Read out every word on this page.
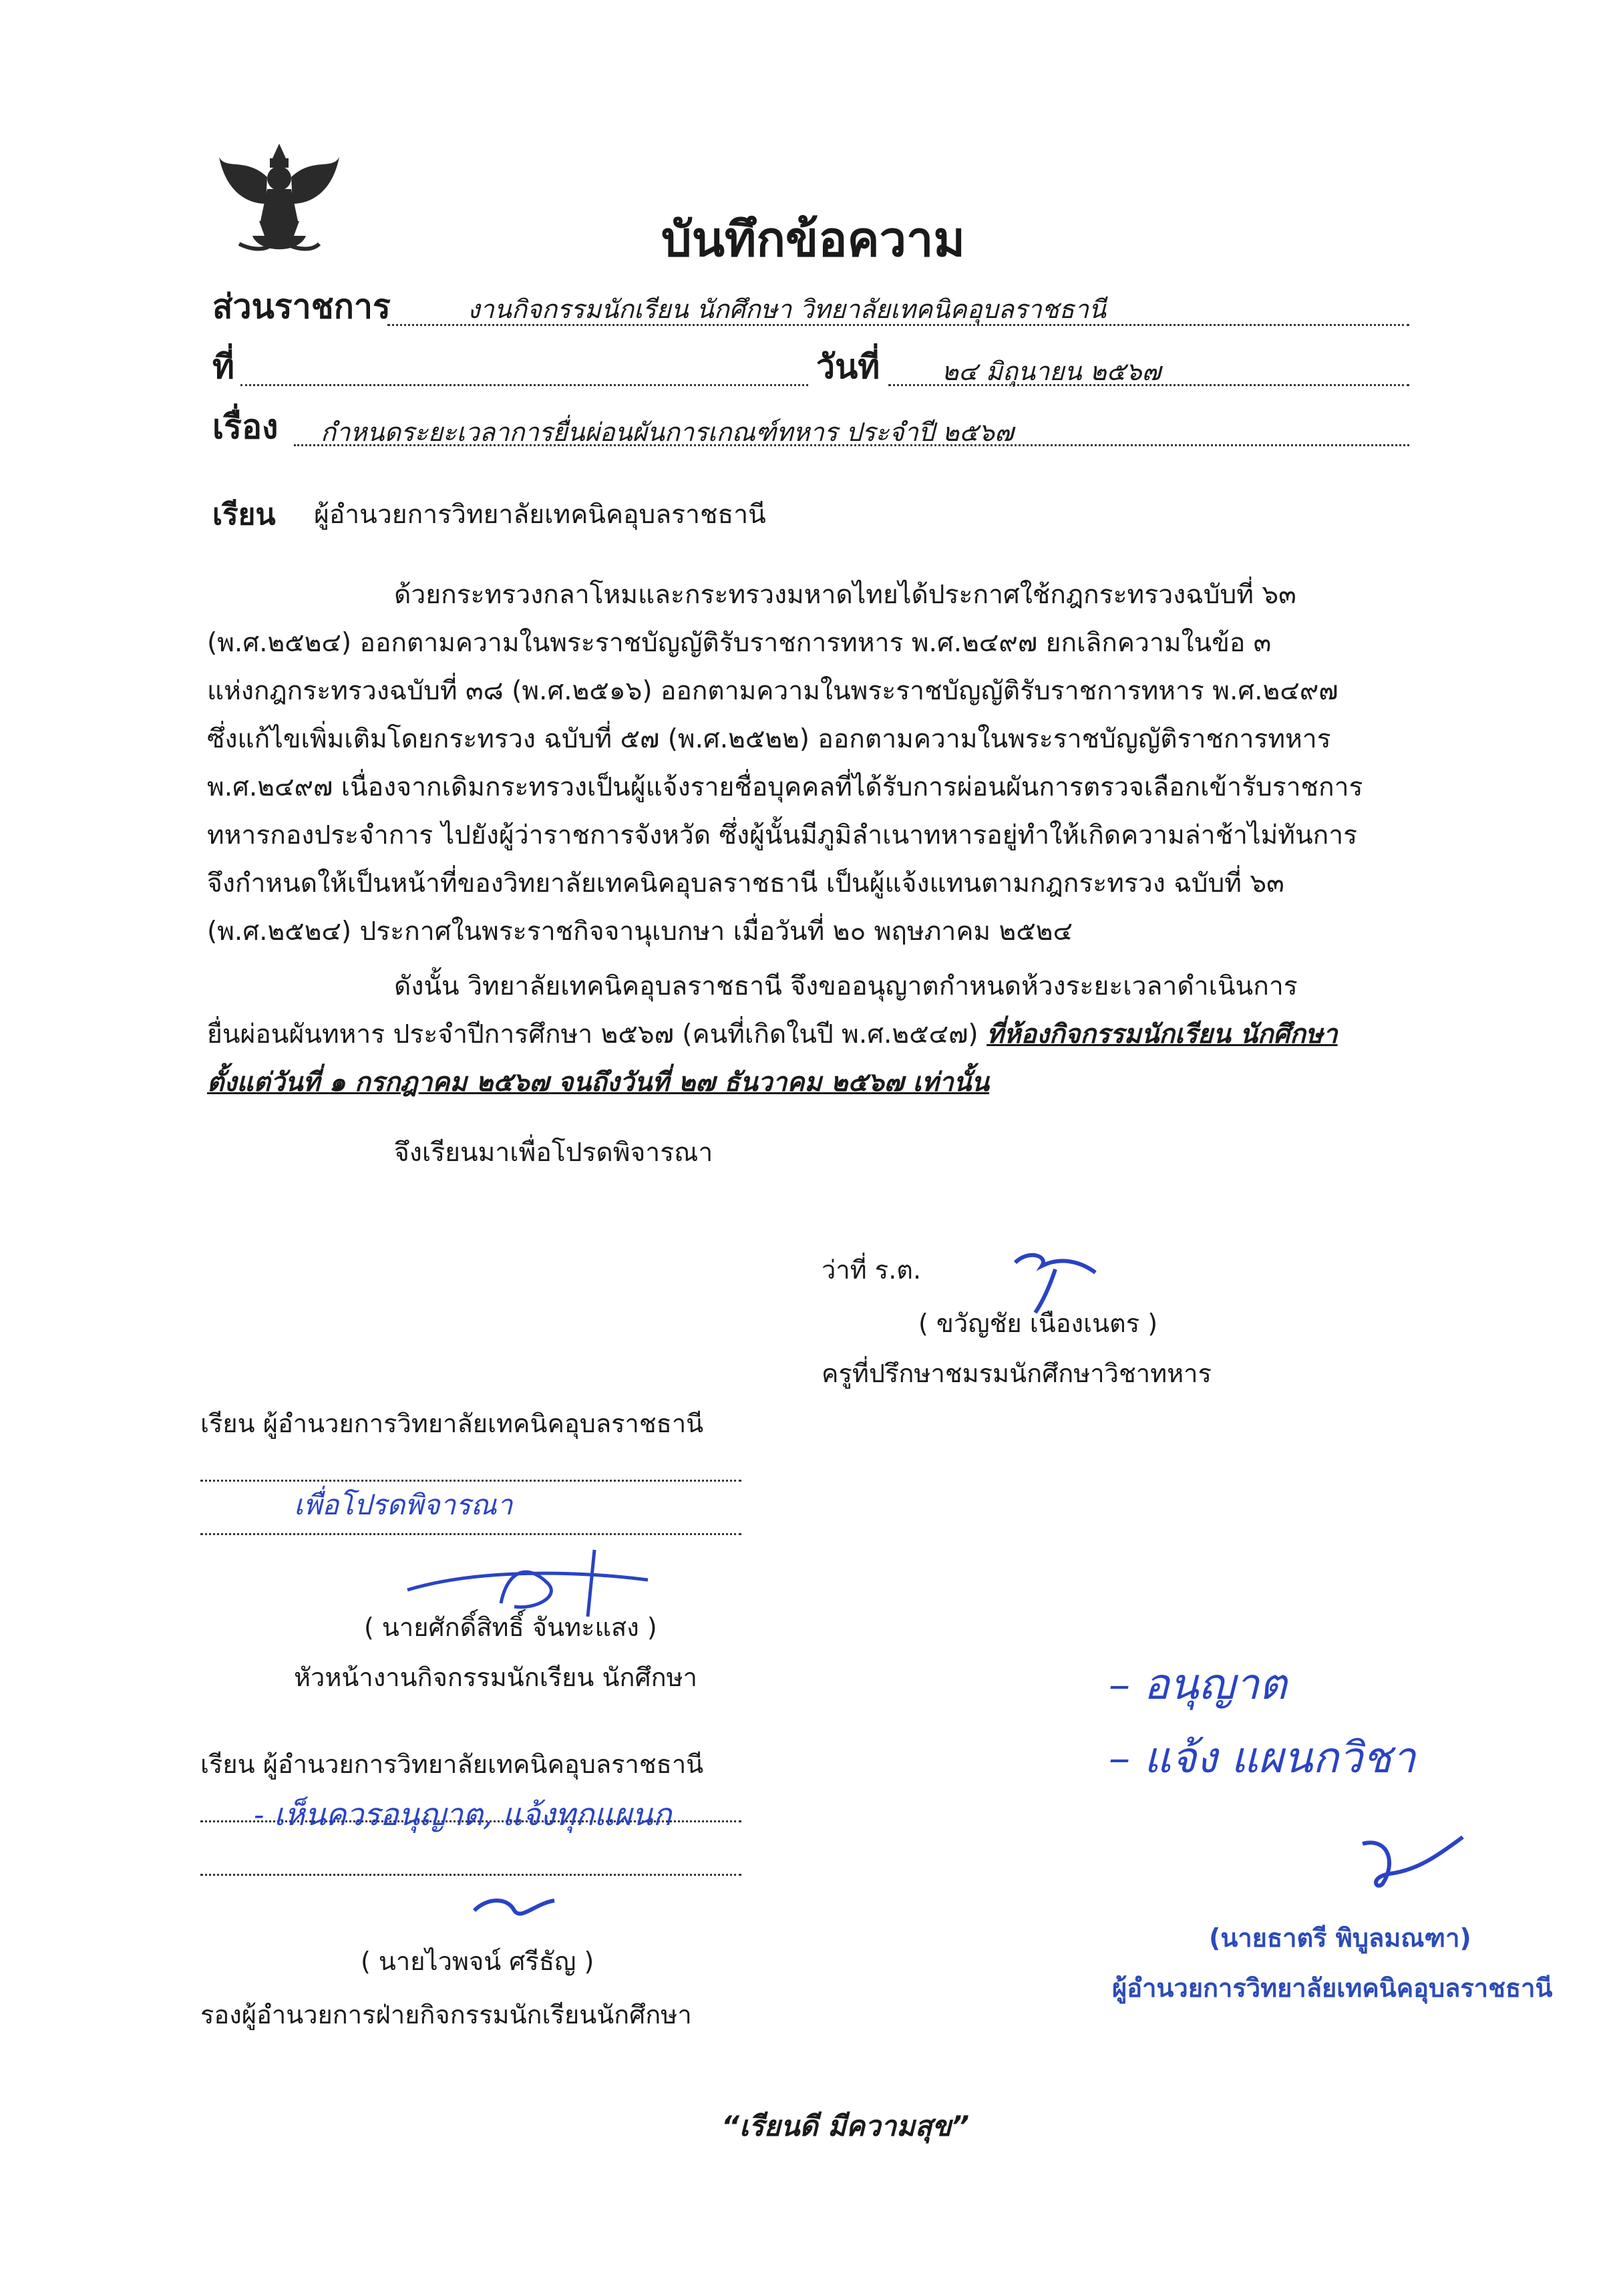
บันทึกข้อความ
ส่วนราชการ	งานกิจกรรมนักเรียน นักศึกษา วิทยาลัยเทคนิคอุบลราชธานี
ที่	วันที่ ๒๔ มิถุนายน ๒๕๖๗
เรื่อง กำหนดระยะเวลาการยื่นผ่อนผันการเกณฑ์ทหาร ประจำปี ๒๕๖๗
เรียน ผู้อำนวยการวิทยาลัยเทคนิคอุบลราชธานี
ด้วยกระทรวงกลาโหมและกระทรวงมหาดไทยได้ประกาศใช้กฎกระทรวงฉบับที่ ๖๓
(พ.ศ.๒๕๒๔) ออกตามความในพระราชบัญญัติรับราชการทหาร พ.ศ.๒๔๙๗ ยกเลิกความในข้อ ๓
แห่งกฎกระทรวงฉบับที่ ๓๘ (พ.ศ.๒๕๑๖) ออกตามความในพระราชบัญญัติรับราชการทหาร พ.ศ.๒๔๙๗
ซึ่งแก้ไขเพิ่มเติมโดยกระทรวง ฉบับที่ ๕๗ (พ.ศ.๒๕๒๒) ออกตามความในพระราชบัญญัติราชการทหาร
พ.ศ.๒๔๙๗ เนื่องจากเดิมกระทรวงเป็นผู้แจ้งรายชื่อบุคคลที่ได้รับการผ่อนผันการตรวจเลือกเข้ารับราชการ
ทหารกองประจำการ ไปยังผู้ว่าราชการจังหวัด ซึ่งผู้นั้นมีภูมิลำเนาทหารอยู่ทำให้เกิดความล่าช้าไม่ทันการ
จึงกำหนดให้เป็นหน้าที่ของวิทยาลัยเทคนิคอุบลราชธานี เป็นผู้แจ้งแทนตามกฎกระทรวง ฉบับที่ ๖๓
(พ.ศ.๒๕๒๔) ประกาศในพระราชกิจจานุเบกษา เมื่อวันที่ ๒๐ พฤษภาคม ๒๕๒๔
ดังนั้น วิทยาลัยเทคนิคอุบลราชธานี จึงขออนุญาตกำหนดห้วงระยะเวลาดำเนินการ
ยื่นผ่อนผันทหาร ประจำปีการศึกษา ๒๕๖๗ (คนที่เกิดในปี พ.ศ.๒๕๔๗) ที่ห้องกิจกรรมนักเรียน นักศึกษา
ตั้งแต่วันที่ ๑ กรกฎาคม ๒๕๖๗ จนถึงวันที่ ๒๗ ธันวาคม ๒๕๖๗ เท่านั้น
จึงเรียนมาเพื่อโปรดพิจารณา
ว่าที่ ร.ต.
( ขวัญชัย เนืองเนตร )
ครูที่ปรึกษาชมรมนักศึกษาวิชาทหาร
เรียน ผู้อำนวยการวิทยาลัยเทคนิคอุบลราชธานี
เพื่อโปรดพิจารณา
( นายศักดิ์สิทธิ์ จันทะแสง )
หัวหน้างานกิจกรรมนักเรียน นักศึกษา
เรียน ผู้อำนวยการวิทยาลัยเทคนิคอุบลราชธานี
- เห็นควรอนุญาต, แจ้งทุกแผนก
( นายไวพจน์ ศรีธัญ )
รองผู้อำนวยการฝ่ายกิจกรรมนักเรียนนักศึกษา
– อนุญาต
– แจ้ง แผนกวิชา
(นายธาตรี พิบูลมณฑา)
ผู้อำนวยการวิทยาลัยเทคนิคอุบลราชธานี
“เรียนดี มีความสุข”
